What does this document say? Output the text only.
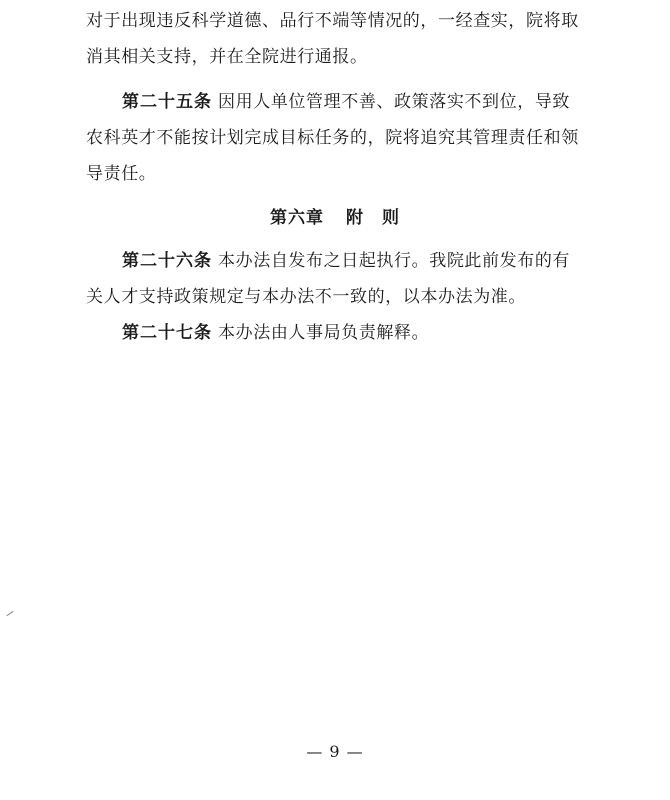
对于出现违反科学道德、品行不端等情况的，一经查实，院将取
消其相关支持，并在全院进行通报。
第二十五条 因用人单位管理不善、政策落实不到位，导致
农科英才不能按计划完成目标任务的，院将追究其管理责任和领
导责任。
第六章 附　则
第二十六条 本办法自发布之日起执行。我院此前发布的有
关人才支持政策规定与本办法不一致的，以本办法为准。
第二十七条 本办法由人事局负责解释。
— 9 —
